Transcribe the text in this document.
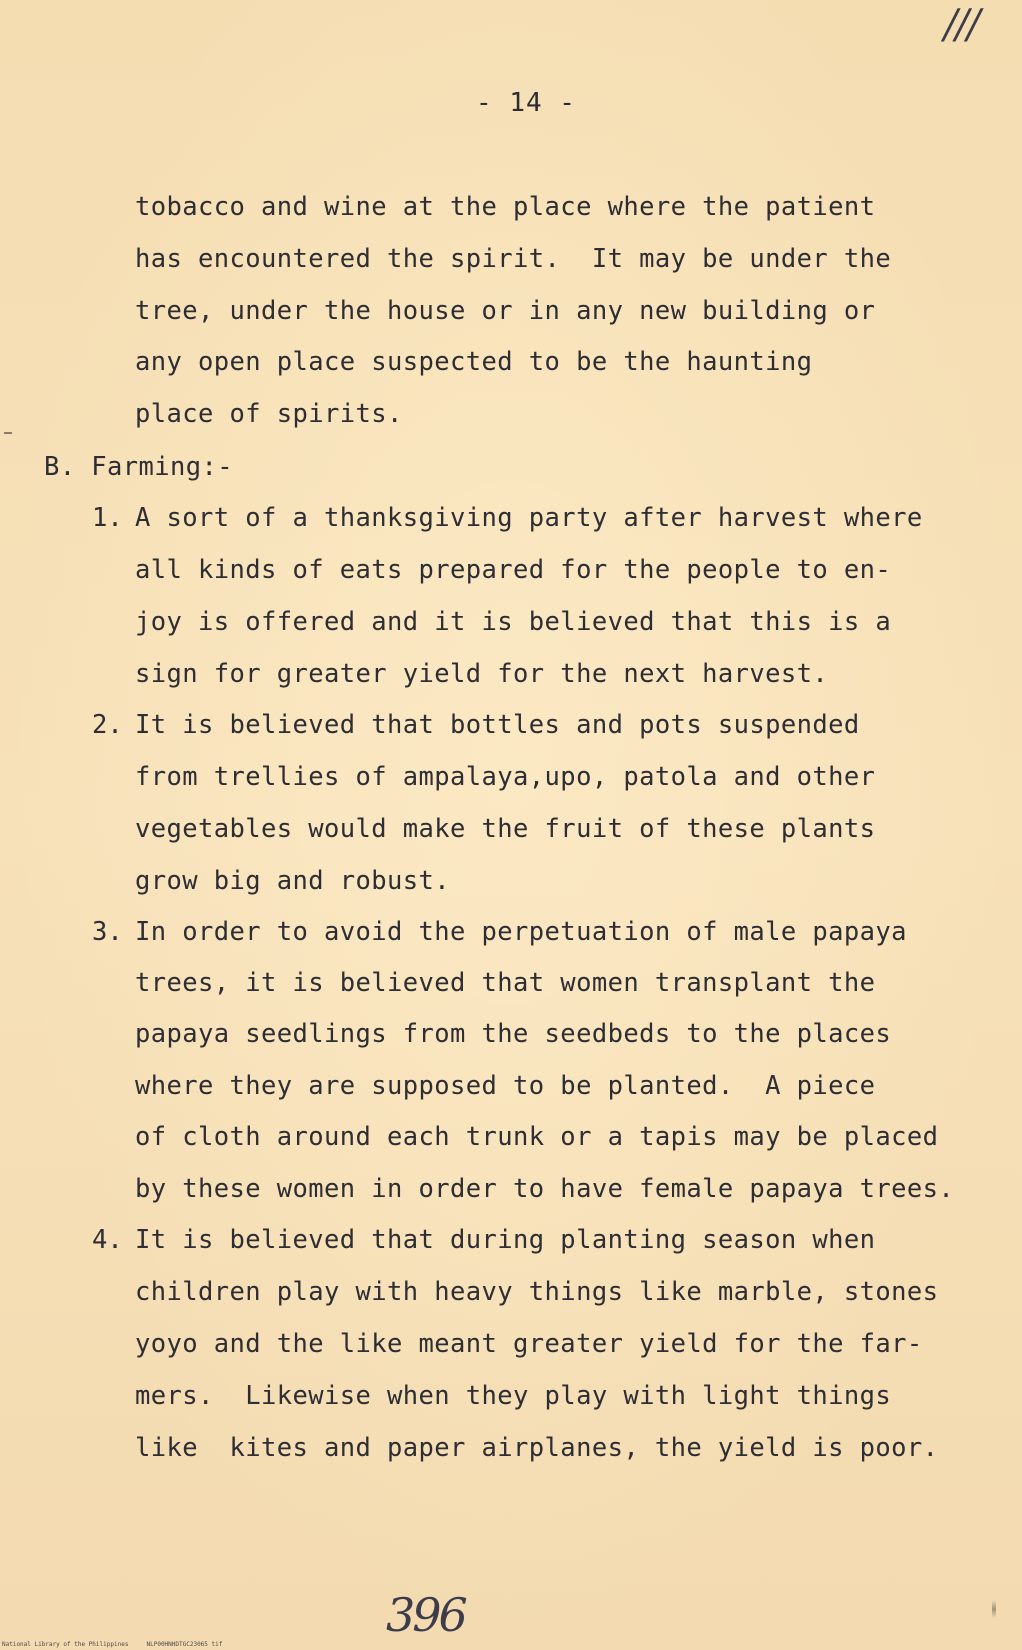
///
- 14 -
tobacco and wine at the place where the patient
has encountered the spirit.  It may be under the
tree, under the house or in any new building or
any open place suspected to be the haunting
place of spirits.
B. Farming:-
1. A sort of a thanksgiving party after harvest where
all kinds of eats prepared for the people to en-
joy is offered and it is believed that this is a
sign for greater yield for the next harvest.
2. It is believed that bottles and pots suspended
from trellies of ampalaya,upo, patola and other
vegetables would make the fruit of these plants
grow big and robust.
3. In order to avoid the perpetuation of male papaya
trees, it is believed that women transplant the
papaya seedlings from the seedbeds to the places
where they are supposed to be planted.  A piece
of cloth around each trunk or a tapis may be placed
by these women in order to have female papaya trees.
4. It is believed that during planting season when
children play with heavy things like marble, stones
yoyo and the like meant greater yield for the far-
mers.  Likewise when they play with light things
like  kites and paper airplanes, the yield is poor.
396
National Library of the Philippines     NLP00HNHDTGC23065 tif
